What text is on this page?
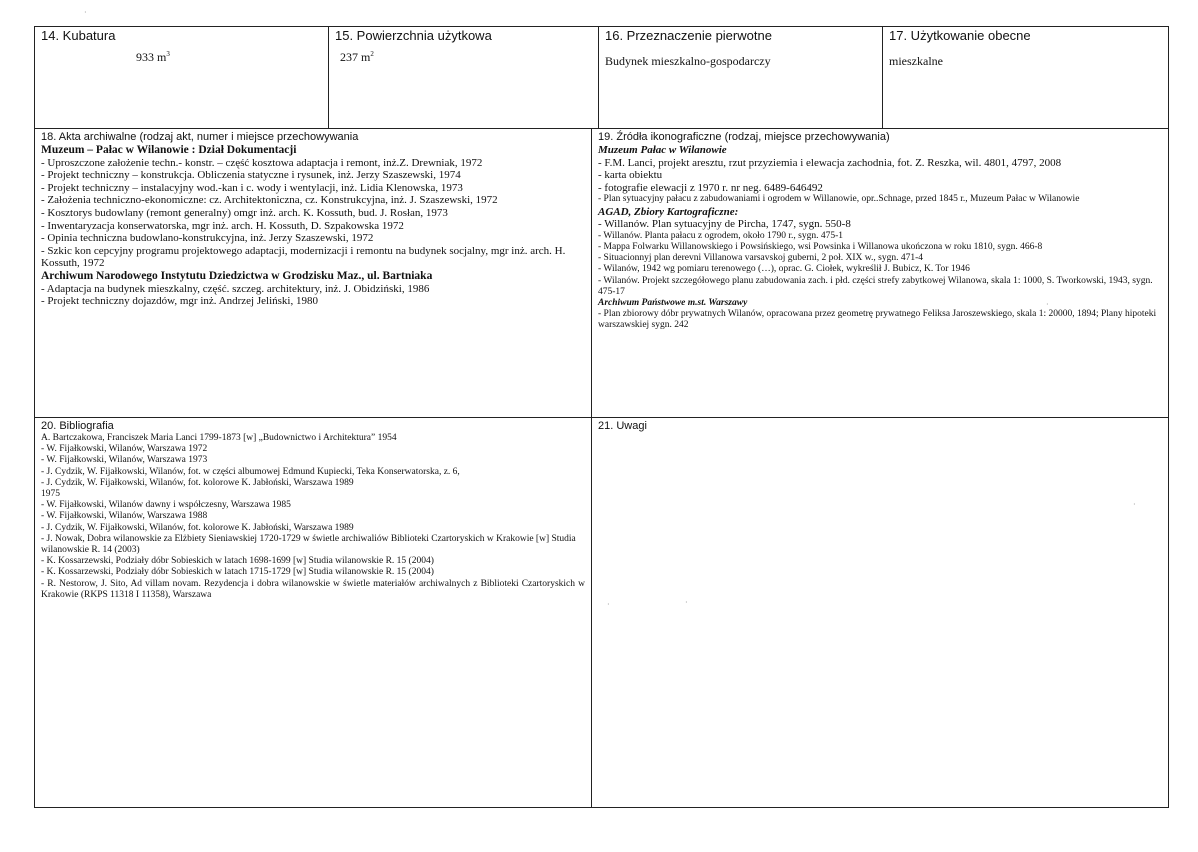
14. Kubatura
933 $m^3$
15. Powierzchnia użytkowa
237 $m^2$
16. Przeznaczenie pierwotne
Budynek mieszkalno-gospodarczy
17. Użytkowanie obecne
mieszkalne
18. Akta archiwalne (rodzaj akt, numer i miejsce przechowywania
Muzeum – Pałac w Wilanowie : Dział Dokumentacji
- Uproszczone założenie techn.- konstr. – część kosztowa adaptacja i remont, inż.Z. Drewniak, 1972
- Projekt techniczny – konstrukcja. Obliczenia statyczne i rysunek, inż. Jerzy Szaszewski, 1974
- Projekt techniczny – instalacyjny wod.-kan i c. wody i wentylacji, inż. Lidia Klenowska, 1973
- Założenia techniczno-ekonomiczne: cz. Architektoniczna, cz. Konstrukcyjna, inż. J. Szaszewski, 1972
- Kosztorys budowlany (remont generalny) omgr inż. arch. K. Kossuth, bud. J. Rosłan, 1973
- Inwentaryzacja konserwatorska, mgr inż. arch. H. Kossuth, D. Szpakowska 1972
- Opinia techniczna budowlano-konstrukcyjna, inż. Jerzy Szaszewski, 1972
- Szkic kon cepcyjny programu projektowego adaptacji, modernizacji i remontu na budynek socjalny, mgr inż. arch. H. Kossuth, 1972
Archiwum Narodowego Instytutu Dziedzictwa w Grodzisku Maz., ul. Bartniaka
- Adaptacja na budynek mieszkalny, część. szczeg. architektury, inż. J. Obidziński, 1986
- Projekt techniczny dojazdów, mgr inż. Andrzej Jeliński, 1980
19. Źródła ikonograficzne (rodzaj, miejsce przechowywania)
Muzeum Pałac w Wilanowie
- F.M. Lanci, projekt aresztu, rzut przyziemia i elewacja zachodnia, fot. Z. Reszka, wil. 4801, 4797, 2008
- karta obiektu
- fotografie elewacji z 1970 r. nr neg. 6489-646492
- Plan sytuacyjny pałacu z zabudowaniami i ogrodem w Willanowie, opr..Schnage, przed 1845 r., Muzeum Pałac w Wilanowie
AGAD, Zbiory Kartograficzne:
- Willanów. Plan sytuacyjny de Pircha, 1747, sygn. 550-8
- Willanów. Planta pałacu z ogrodem, około 1790 r., sygn. 475-1
- Mappa Folwarku Willanowskiego i Powsińskiego, wsi Powsinka i Willanowa ukończona w roku 1810, sygn. 466-8
- Situacionnyj plan derevni Villanowa varsavskoj guberni, 2 poł. XIX w., sygn. 471-4
- Wilanów, 1942 wg pomiaru terenowego (…), oprac. G. Ciołek, wykreślił J. Bubicz, K. Tor 1946
- Wilanów. Projekt szczegółowego planu zabudowania zach. i płd. części strefy zabytkowej Wilanowa, skala 1: 1000, S. Tworkowski, 1943, sygn. 475-17
Archiwum Państwowe m.st. Warszawy
- Plan zbiorowy dóbr prywatnych Wilanów, opracowana przez geometrę prywatnego Feliksa Jaroszewskiego, skala 1: 20000, 1894; Plany hipoteki warszawskiej sygn. 242
20. Bibliografia
A. Bartczakowa, Franciszek Maria Lanci 1799-1873 [w] „Budownictwo i Architektura” 1954
- W. Fijałkowski, Wilanów, Warszawa 1972
- W. Fijałkowski, Wilanów, Warszawa 1973
- J. Cydzik, W. Fijałkowski, Wilanów, fot. w części albumowej Edmund Kupiecki, Teka Konserwatorska, z. 6,
- J. Cydzik, W. Fijałkowski, Wilanów, fot. kolorowe K. Jabłoński, Warszawa 1989
1975
- W. Fijałkowski, Wilanów dawny i współczesny, Warszawa 1985
- W. Fijałkowski, Wilanów, Warszawa 1988
- J. Cydzik, W. Fijałkowski, Wilanów, fot. kolorowe K. Jabłoński, Warszawa 1989
- J. Nowak, Dobra wilanowskie za Elżbiety Sieniawskiej 1720-1729 w świetle archiwaliów Biblioteki Czartoryskich w Krakowie [w] Studia wilanowskie R. 14 (2003)
- K. Kossarzewski, Podziały dóbr Sobieskich w latach 1698-1699 [w] Studia wilanowskie R. 15 (2004)
- K. Kossarzewski, Podziały dóbr Sobieskich w latach 1715-1729 [w] Studia wilanowskie R. 15 (2004)
- R. Nestorow, J. Sito, Ad villam novam. Rezydencja i dobra wilanowskie w świetle materiałów archiwalnych z Biblioteki Czartoryskich w Krakowie (RKPS 11318 I 11358), Warszawa
21. Uwagi
·
·
·	·
·
